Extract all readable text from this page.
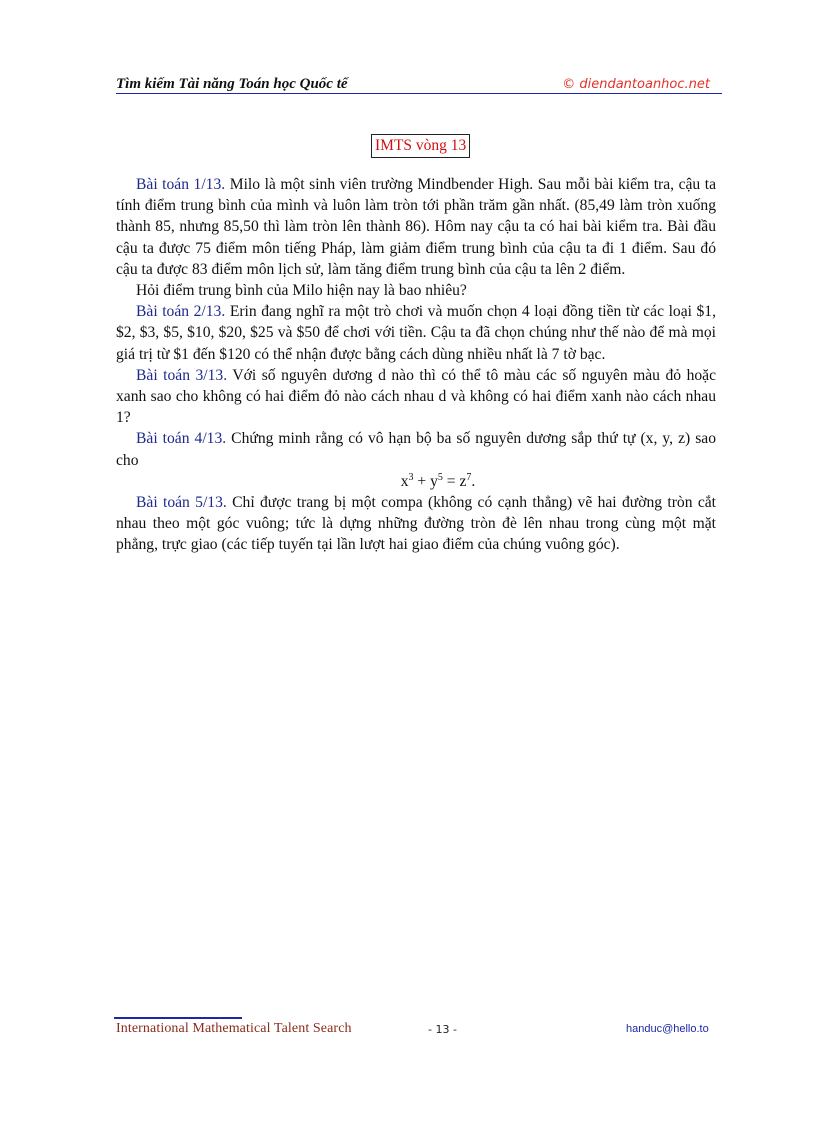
Tìm kiếm Tài năng Toán học Quốc tế	© diendantoanhoc.net
IMTS vòng 13

Bài toán 1/13. Milo là một sinh viên trường Mindbender High. Sau mỗi bài kiểm tra, cậu ta tính điểm trung bình của mình và luôn làm tròn tới phần trăm gần nhất. (85,49 làm tròn xuống thành 85, nhưng 85,50 thì làm tròn lên thành 86). Hôm nay cậu ta có hai bài kiểm tra. Bài đầu cậu ta được 75 điểm môn tiếng Pháp, làm giảm điểm trung bình của cậu ta đi 1 điểm. Sau đó cậu ta được 83 điểm môn lịch sử, làm tăng điểm trung bình của cậu ta lên 2 điểm.

Hỏi điểm trung bình của Milo hiện nay là bao nhiêu?

Bài toán 2/13. Erin đang nghĩ ra một trò chơi và muốn chọn 4 loại đồng tiền từ các loại $1, $2, $3, $5, $10, $20, $25 và $50 để chơi với tiền. Cậu ta đã chọn chúng như thế nào để mà mọi giá trị từ $1 đến $120 có thể nhận được bằng cách dùng nhiều nhất là 7 tờ bạc.

Bài toán 3/13. Với số nguyên dương d nào thì có thể tô màu các số nguyên màu đỏ hoặc xanh sao cho không có hai điểm đỏ nào cách nhau d và không có hai điểm xanh nào cách nhau 1?

Bài toán 4/13. Chứng minh rằng có vô hạn bộ ba số nguyên dương sắp thứ tự (x, y, z) sao cho

$x^3 + y^5 = z^7$.

Bài toán 5/13. Chỉ được trang bị một compa (không có cạnh thẳng) vẽ hai đường tròn cắt nhau theo một góc vuông; tức là dựng những đường tròn đè lên nhau trong cùng một mặt phẳng, trực giao (các tiếp tuyến tại lần lượt hai giao điểm của chúng vuông góc).

International Mathematical Talent Search	- 13 -	handuc@hello.to
